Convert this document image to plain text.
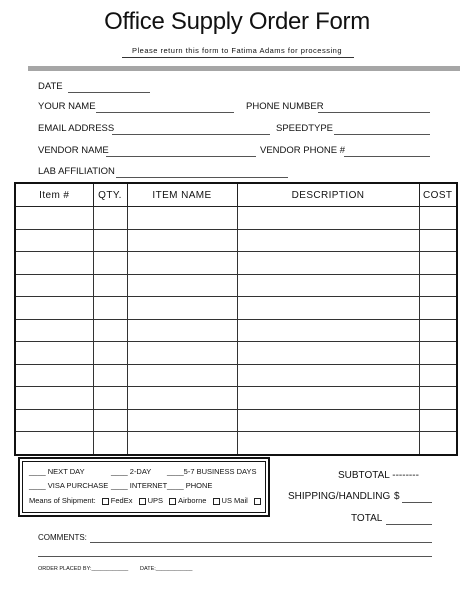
Office Supply Order Form
Please return this form to Fatima Adams for processing
DATE
YOUR NAME	PHONE NUMBER
EMAIL ADDRESS	SPEEDTYPE
VENDOR NAME	VENDOR PHONE #
LAB AFFILIATION
Item #	QTY.	ITEM NAME	DESCRIPTION	COST

____ NEXT DAY	____ 2-DAY ____5-7 BUSINESS DAYS
____ VISA PURCHASE ____ INTERNET ____ PHONE
Means of Shipment: FedEx UPS Airborne US Mail
SUBTOTAL --------
SHIPPING/HANDLING $
TOTAL
COMMENTS:
ORDER PLACED BY:____________ DATE:____________
